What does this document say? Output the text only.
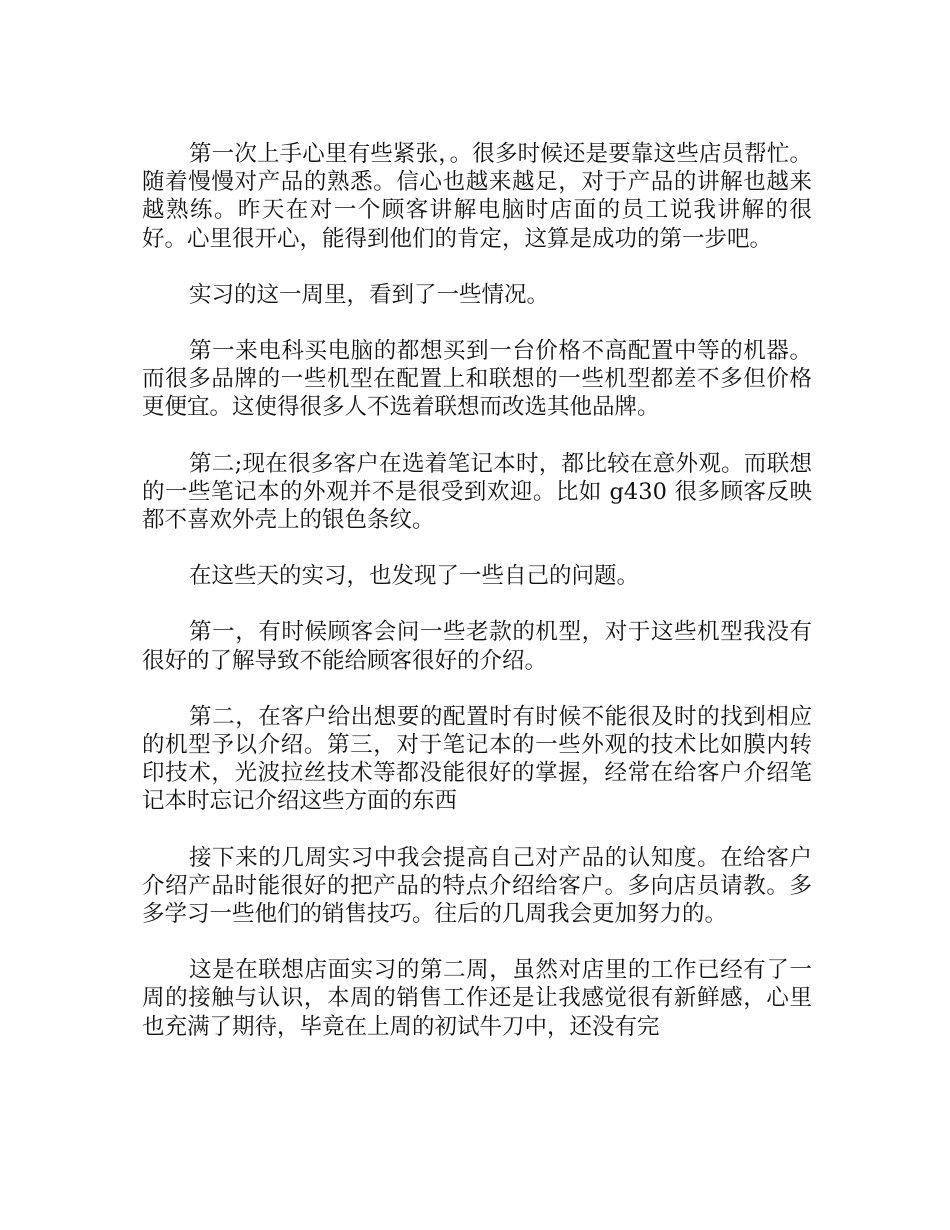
第一次上手心里有些紧张，。很多时候还是要靠这些店员帮忙。随着慢慢对产品的熟悉。信心也越来越足，对于产品的讲解也越来越熟练。昨天在对一个顾客讲解电脑时店面的员工说我讲解的很好。心里很开心，能得到他们的肯定，这算是成功的第一步吧。

实习的这一周里，看到了一些情况。

第一来电科买电脑的都想买到一台价格不高配置中等的机器。而很多品牌的一些机型在配置上和联想的一些机型都差不多但价格更便宜。这使得很多人不选着联想而改选其他品牌。

第二;现在很多客户在选着笔记本时，都比较在意外观。而联想的一些笔记本的外观并不是很受到欢迎。比如 g430 很多顾客反映都不喜欢外壳上的银色条纹。

在这些天的实习，也发现了一些自己的问题。

第一，有时候顾客会问一些老款的机型，对于这些机型我没有很好的了解导致不能给顾客很好的介绍。

第二，在客户给出想要的配置时有时候不能很及时的找到相应的机型予以介绍。第三，对于笔记本的一些外观的技术比如膜内转印技术，光波拉丝技术等都没能很好的掌握，经常在给客户介绍笔记本时忘记介绍这些方面的东西

接下来的几周实习中我会提高自己对产品的认知度。在给客户介绍产品时能很好的把产品的特点介绍给客户。多向店员请教。多多学习一些他们的销售技巧。往后的几周我会更加努力的。

这是在联想店面实习的第二周，虽然对店里的工作已经有了一周的接触与认识，本周的销售工作还是让我感觉很有新鲜感，心里也充满了期待，毕竟在上周的初试牛刀中，还没有完
